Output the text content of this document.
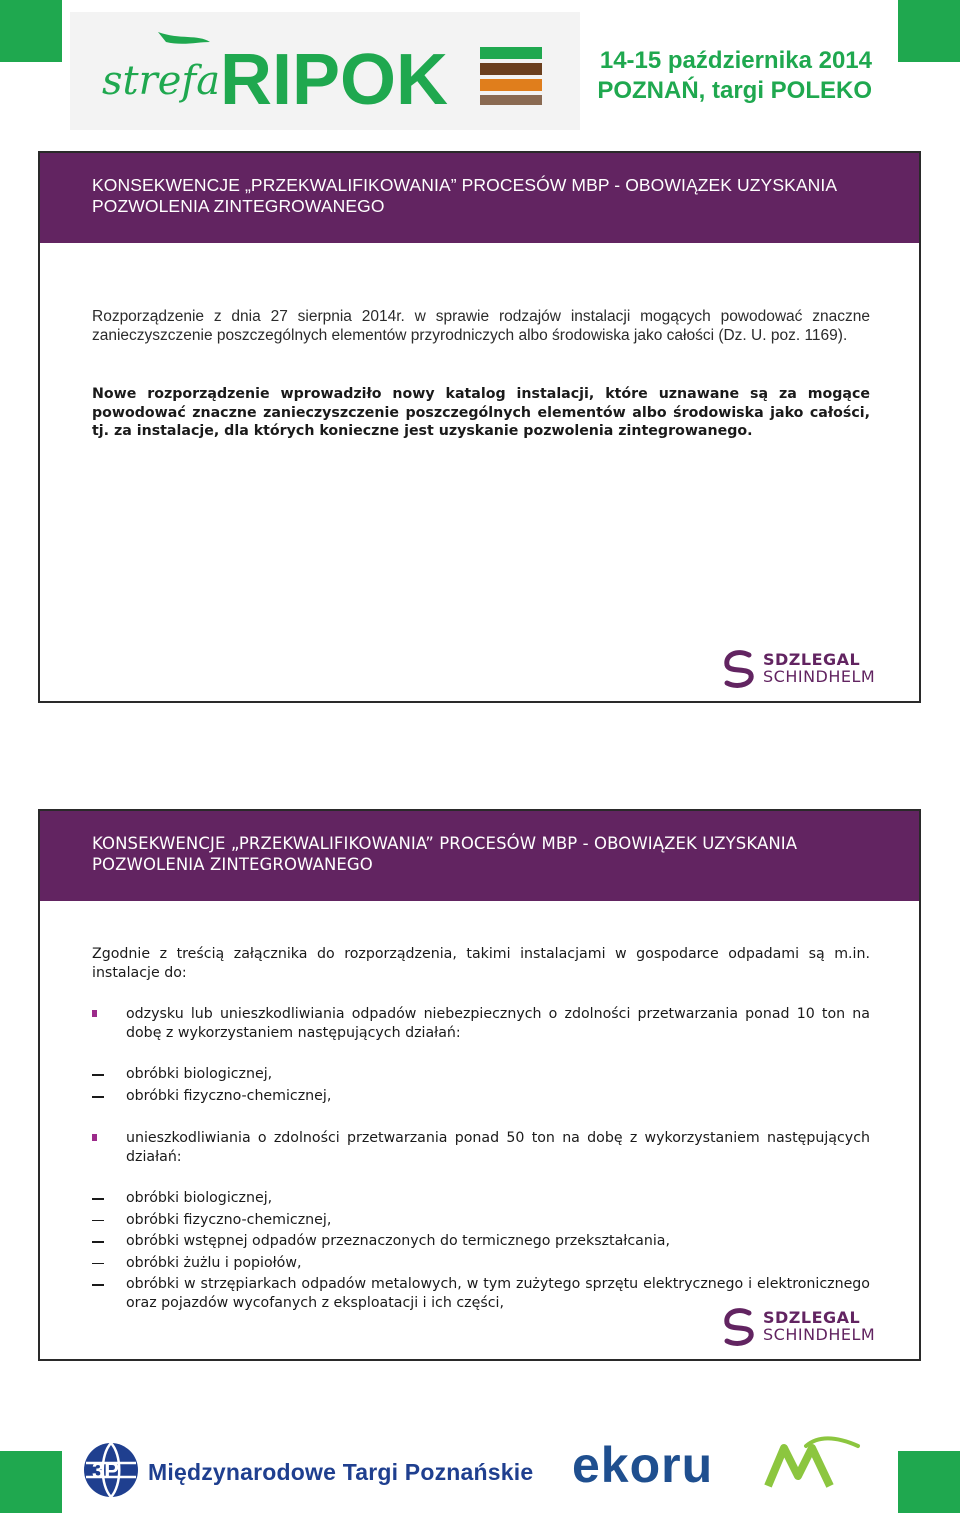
strefa RIPOK	14-15 października 2014
POZNAŃ, targi POLEKO
KONSEKWENCJE „PRZEKWALIFIKOWANIA” PROCESÓW MBP - OBOWIĄZEK UZYSKANIA POZWOLENIA ZINTEGROWANEGO
Rozporządzenie z dnia 27 sierpnia 2014r. w sprawie rodzajów instalacji mogących powodować znaczne zanieczyszczenie poszczególnych elementów przyrodniczych albo środowiska jako całości (Dz. U. poz. 1169).
Nowe rozporządzenie wprowadziło nowy katalog instalacji, które uznawane są za mogące powodować znaczne zanieczyszczenie poszczególnych elementów albo środowiska jako całości, tj. za instalacje, dla których konieczne jest uzyskanie pozwolenia zintegrowanego.
SDZLEGAL
SCHINDHELM
KONSEKWENCJE „PRZEKWALIFIKOWANIA” PROCESÓW MBP - OBOWIĄZEK UZYSKANIA POZWOLENIA ZINTEGROWANEGO
Zgodnie z treścią załącznika do rozporządzenia, takimi instalacjami w gospodarce odpadami są m.in. instalacje do:
odzysku lub unieszkodliwiania odpadów niebezpiecznych o zdolności przetwarzania ponad 10 ton na dobę z wykorzystaniem następujących działań:
obróbki biologicznej,
obróbki fizyczno-chemicznej,
unieszkodliwiania o zdolności przetwarzania ponad 50 ton na dobę z wykorzystaniem następujących działań:
obróbki biologicznej,
obróbki fizyczno-chemicznej,
obróbki wstępnej odpadów przeznaczonych do termicznego przekształcania,
obróbki żużlu i popiołów,
obróbki w strzępiarkach odpadów metalowych, w tym zużytego sprzętu elektrycznego i elektronicznego oraz pojazdów wycofanych z eksploatacji i ich części,
SDZLEGAL
SCHINDHELM
3P Międzynarodowe Targi Poznańskie ekoru
